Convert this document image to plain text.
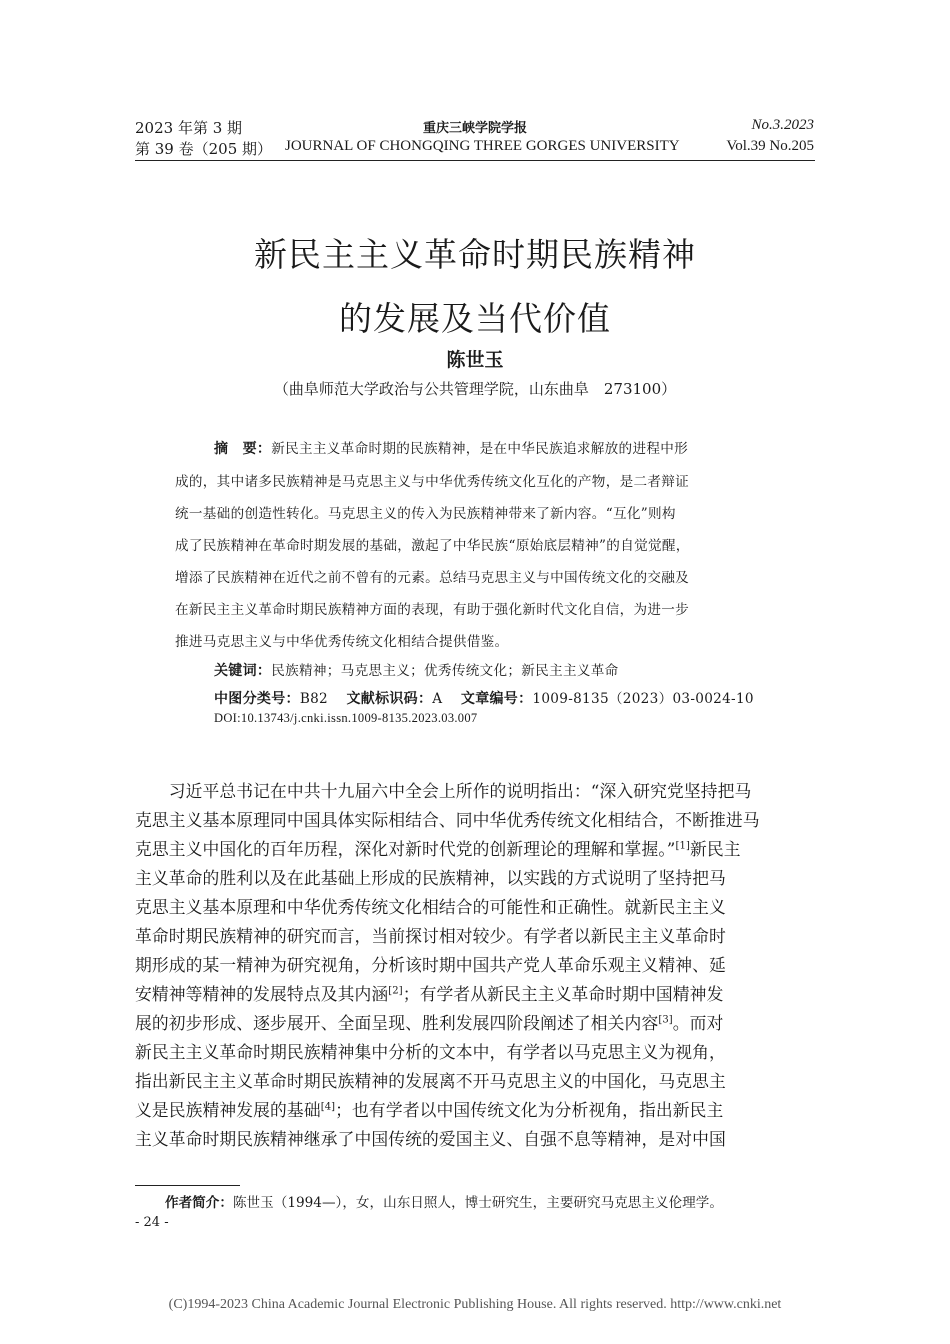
2023 年第 3 期
第 39 卷（205 期）
重庆三峡学院学报
JOURNAL OF CHONGQING THREE GORGES UNIVERSITY
No.3.2023
Vol.39 No.205
新民主主义革命时期民族精神
的发展及当代价值
陈世玉
（曲阜师范大学政治与公共管理学院，山东曲阜　273100）
摘　要：新民主主义革命时期的民族精神，是在中华民族追求解放的进程中形
成的，其中诸多民族精神是马克思主义与中华优秀传统文化互化的产物，是二者辩证
统一基础的创造性转化。马克思主义的传入为民族精神带来了新内容。“互化”则构
成了民族精神在革命时期发展的基础，激起了中华民族“原始底层精神”的自觉觉醒，
增添了民族精神在近代之前不曾有的元素。总结马克思主义与中国传统文化的交融及
在新民主主义革命时期民族精神方面的表现，有助于强化新时代文化自信，为进一步
推进马克思主义与中华优秀传统文化相结合提供借鉴。
关键词：民族精神；马克思主义；优秀传统文化；新民主主义革命
中图分类号：B82 文献标识码：A 文章编号：1009-8135（2023）03-0024-10
DOI:10.13743/j.cnki.issn.1009-8135.2023.03.007
　　习近平总书记在中共十九届六中全会上所作的说明指出：“深入研究党坚持把马
克思主义基本原理同中国具体实际相结合、同中华优秀传统文化相结合，不断推进马
克思主义中国化的百年历程，深化对新时代党的创新理论的理解和掌握。”[1]新民主
主义革命的胜利以及在此基础上形成的民族精神，以实践的方式说明了坚持把马
克思主义基本原理和中华优秀传统文化相结合的可能性和正确性。就新民主主义
革命时期民族精神的研究而言，当前探讨相对较少。有学者以新民主主义革命时
期形成的某一精神为研究视角，分析该时期中国共产党人革命乐观主义精神、延
安精神等精神的发展特点及其内涵[2]；有学者从新民主主义革命时期中国精神发
展的初步形成、逐步展开、全面呈现、胜利发展四阶段阐述了相关内容[3]。而对
新民主主义革命时期民族精神集中分析的文本中，有学者以马克思主义为视角，
指出新民主主义革命时期民族精神的发展离不开马克思主义的中国化，马克思主
义是民族精神发展的基础[4]；也有学者以中国传统文化为分析视角，指出新民主
主义革命时期民族精神继承了中国传统的爱国主义、自强不息等精神，是对中国
作者简介：陈世玉（1994—），女，山东日照人，博士研究生，主要研究马克思主义伦理学。
- 24 -
(C)1994-2023 China Academic Journal Electronic Publishing House. All rights reserved. http://www.cnki.net
